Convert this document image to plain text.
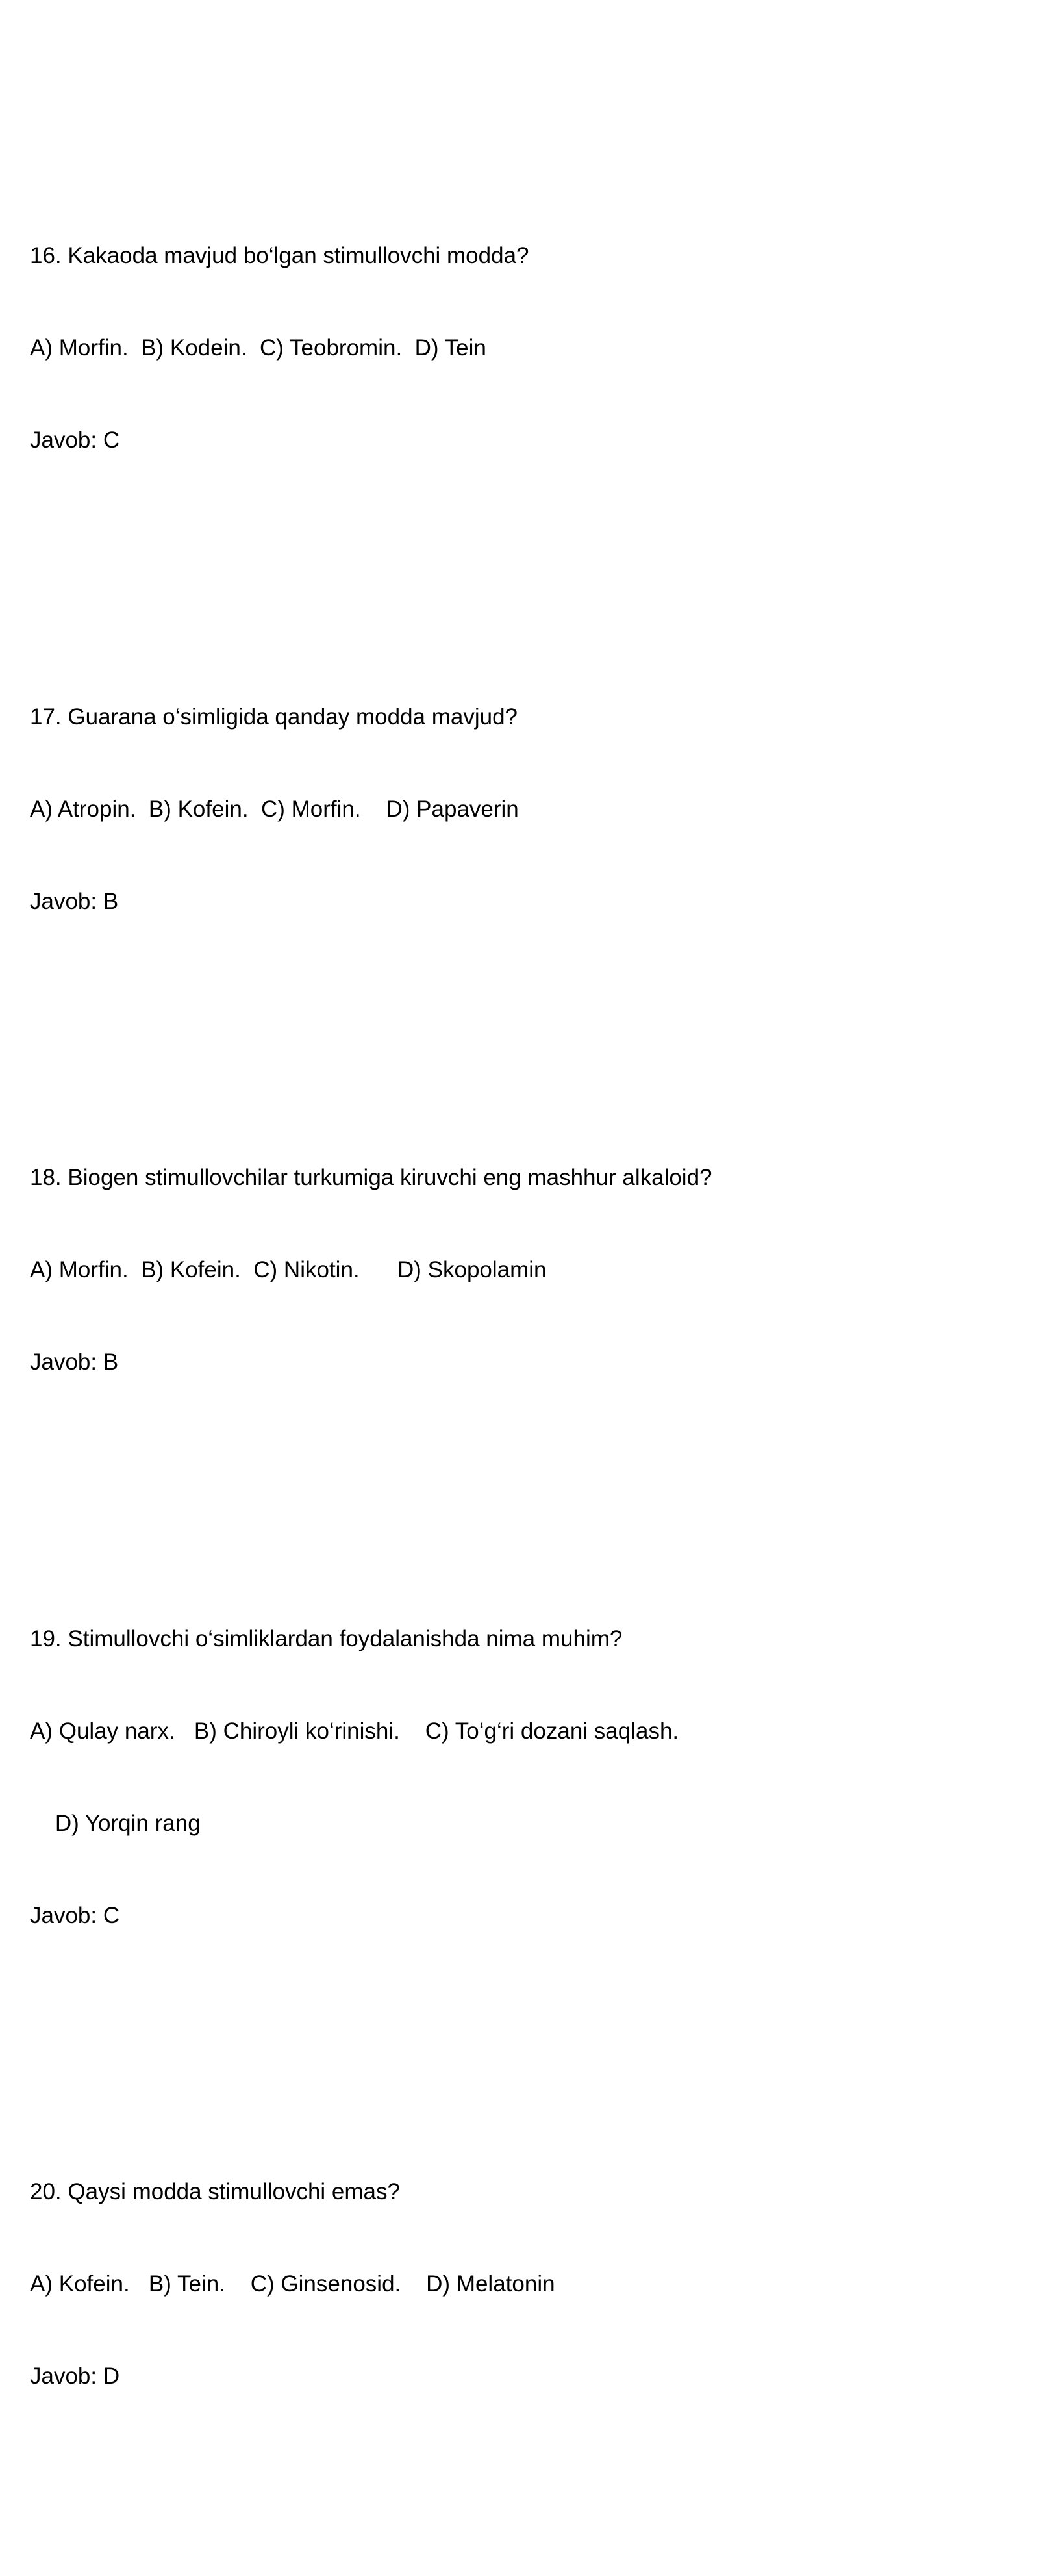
16. Kakaoda mavjud bo‘lgan stimullovchi modda?

A) Morfin.  B) Kodein.  C) Teobromin.  D) Tein

Javob: C

17. Guarana o‘simligida qanday modda mavjud?

A) Atropin.  B) Kofein.  C) Morfin.    D) Papaverin

Javob: B

18. Biogen stimullovchilar turkumiga kiruvchi eng mashhur alkaloid?

A) Morfin.  B) Kofein.  C) Nikotin.      D) Skopolamin

Javob: B

19. Stimullovchi o‘simliklardan foydalanishda nima muhim?

A) Qulay narx.   B) Chiroyli ko‘rinishi.    C) To‘g‘ri dozani saqlash.

D) Yorqin rang

Javob: C

20. Qaysi modda stimullovchi emas?

A) Kofein.   B) Tein.    C) Ginsenosid.    D) Melatonin

Javob: D
